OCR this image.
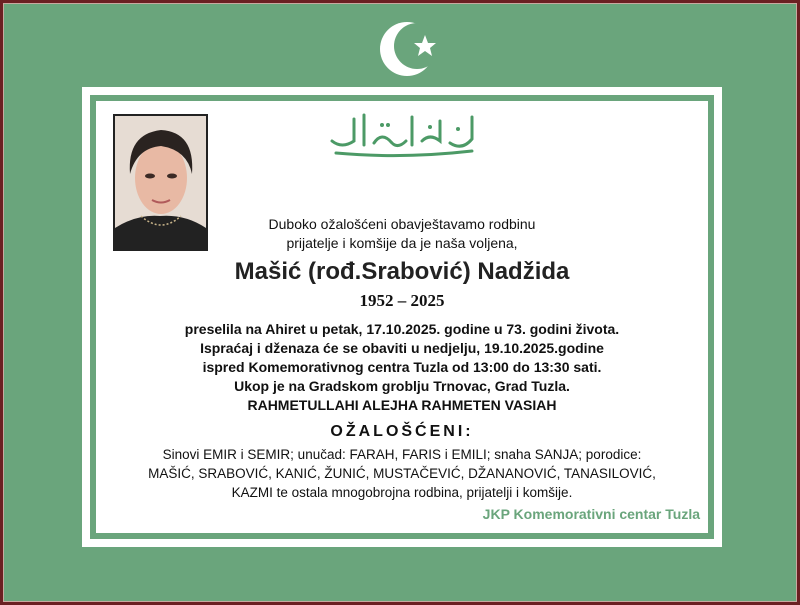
Duboko ožalošćeni obavještavamo rodbinu
prijatelje i komšije da je naša voljena,
Mašić (rođ.Srabović) Nadžida
1952 – 2025
preselila na Ahiret u petak, 17.10.2025. godine u 73. godini života.
Ispraćaj i dženaza će se obaviti u nedjelju, 19.10.2025.godine
ispred Komemorativnog centra Tuzla od 13:00 do 13:30 sati.
Ukop je na Gradskom groblju Trnovac, Grad Tuzla.
RAHMETULLAHI ALEJHA RAHMETEN VASIAH
OŽALOŠĆENI:
Sinovi EMIR i SEMIR; unučad: FARAH, FARIS i EMILI; snaha SANJA; porodice:
MAŠIĆ, SRABOVIĆ, KANIĆ, ŽUNIĆ, MUSTAČEVIĆ, DŽANANOVIĆ, TANASILOVIĆ,
KAZMI te ostala mnogobrojna rodbina, prijatelji i komšije.
JKP Komemorativni centar Tuzla
